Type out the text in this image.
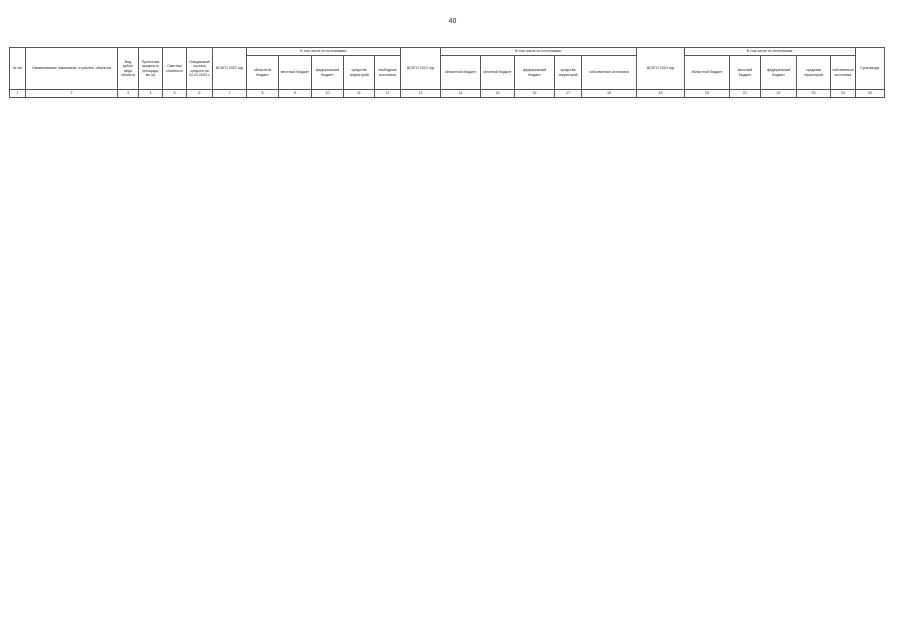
40
№ п/п	Наименование заказчиков, отраслей, объектов	Вид работ/ вида объекта	Проектная мощность (площадь, кв. м)	Сметная стоимость	Ожидаемый остаток средств на 01.01.2023 г.	ВСЕГО 2022 год	В том числе по источникам:					ВСЕГО 2023 год	В том числе по источникам:					ВСЕГО 2024 год	В том числе по источникам:					Срок ввода
							областной бюджет	местный бюджет	федеральный бюджет	средства территорий	свободные источники		областной бюджет	местный бюджет	федеральный бюджет	средства территорий	собственные источники		областной бюджет	местный бюджет	федеральный бюджет	средства территорий	собственные источники	
1	2	3	4	5	6	7	8	9	10	11	12	13	14	15	16	17	18	19	20	21	22	23	24	25
